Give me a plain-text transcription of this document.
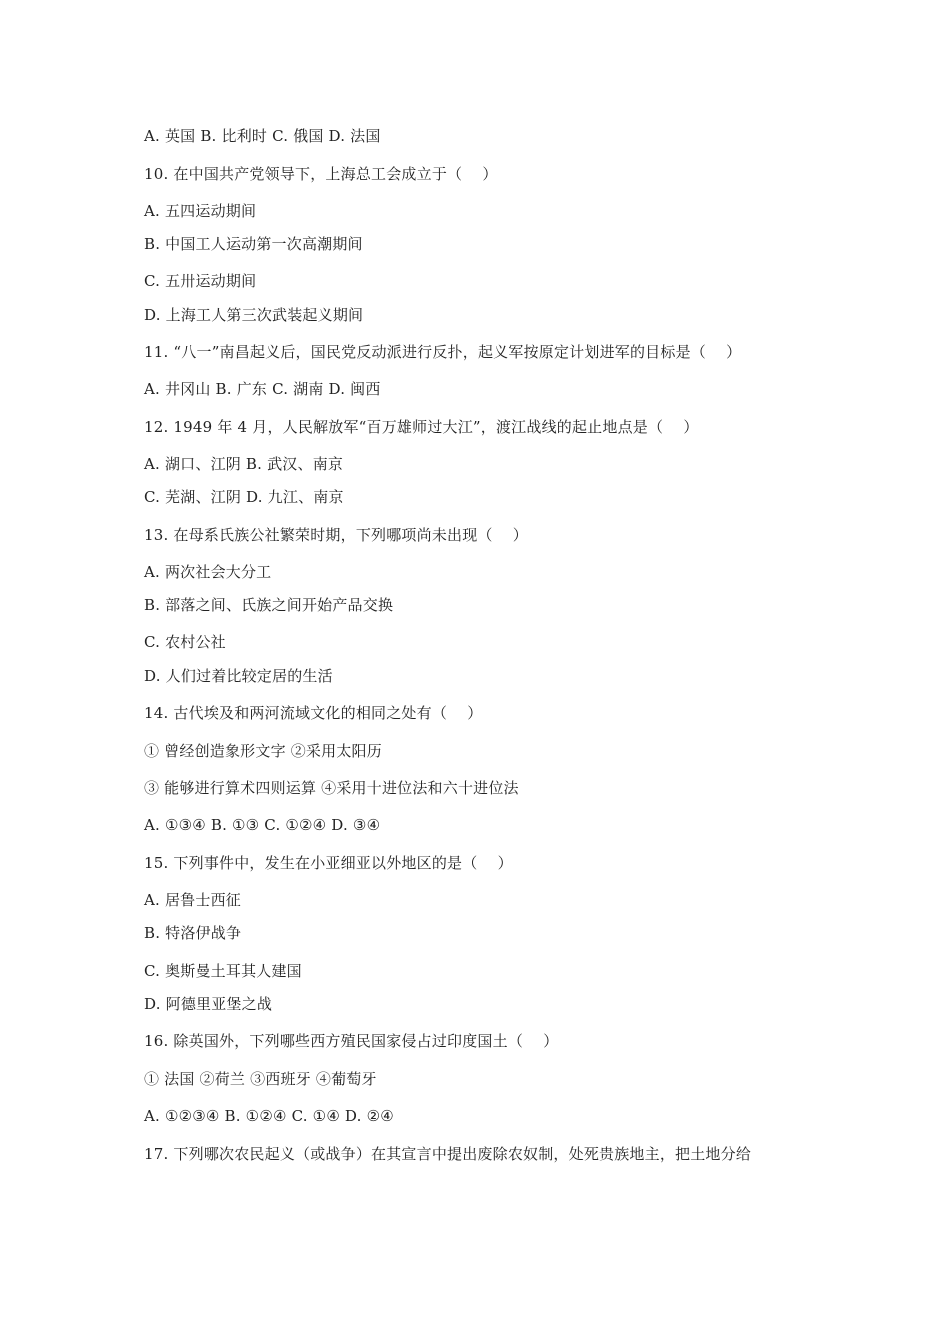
A. 英国 B. 比利时 C. 俄国 D. 法国
10. 在中国共产党领导下，上海总工会成立于（　 ）
A. 五四运动期间
B. 中国工人运动第一次高潮期间
C. 五卅运动期间
D. 上海工人第三次武装起义期间
11. “八一”南昌起义后，国民党反动派进行反扑，起义军按原定计划进军的目标是（　 ）
A. 井冈山 B. 广东 C. 湖南 D. 闽西
12. 1949 年 4 月，人民解放军“百万雄师过大江”，渡江战线的起止地点是（　 ）
A. 湖口、江阴 B. 武汉、南京
C. 芜湖、江阴 D. 九江、南京
13. 在母系氏族公社繁荣时期，下列哪项尚未出现（　 ）
A. 两次社会大分工
B. 部落之间、氏族之间开始产品交换
C. 农村公社
D. 人们过着比较定居的生活
14. 古代埃及和两河流域文化的相同之处有（　 ）
① 曾经创造象形文字 ②采用太阳历
③ 能够进行算术四则运算 ④采用十进位法和六十进位法
A. ①③④ B. ①③ C. ①②④ D. ③④
15. 下列事件中，发生在小亚细亚以外地区的是（　 ）
A. 居鲁士西征
B. 特洛伊战争
C. 奥斯曼土耳其人建国
D. 阿德里亚堡之战
16. 除英国外，下列哪些西方殖民国家侵占过印度国土（　 ）
① 法国 ②荷兰 ③西班牙 ④葡萄牙
A. ①②③④ B. ①②④ C. ①④ D. ②④
17. 下列哪次农民起义（或战争）在其宣言中提出废除农奴制，处死贵族地主，把土地分给
